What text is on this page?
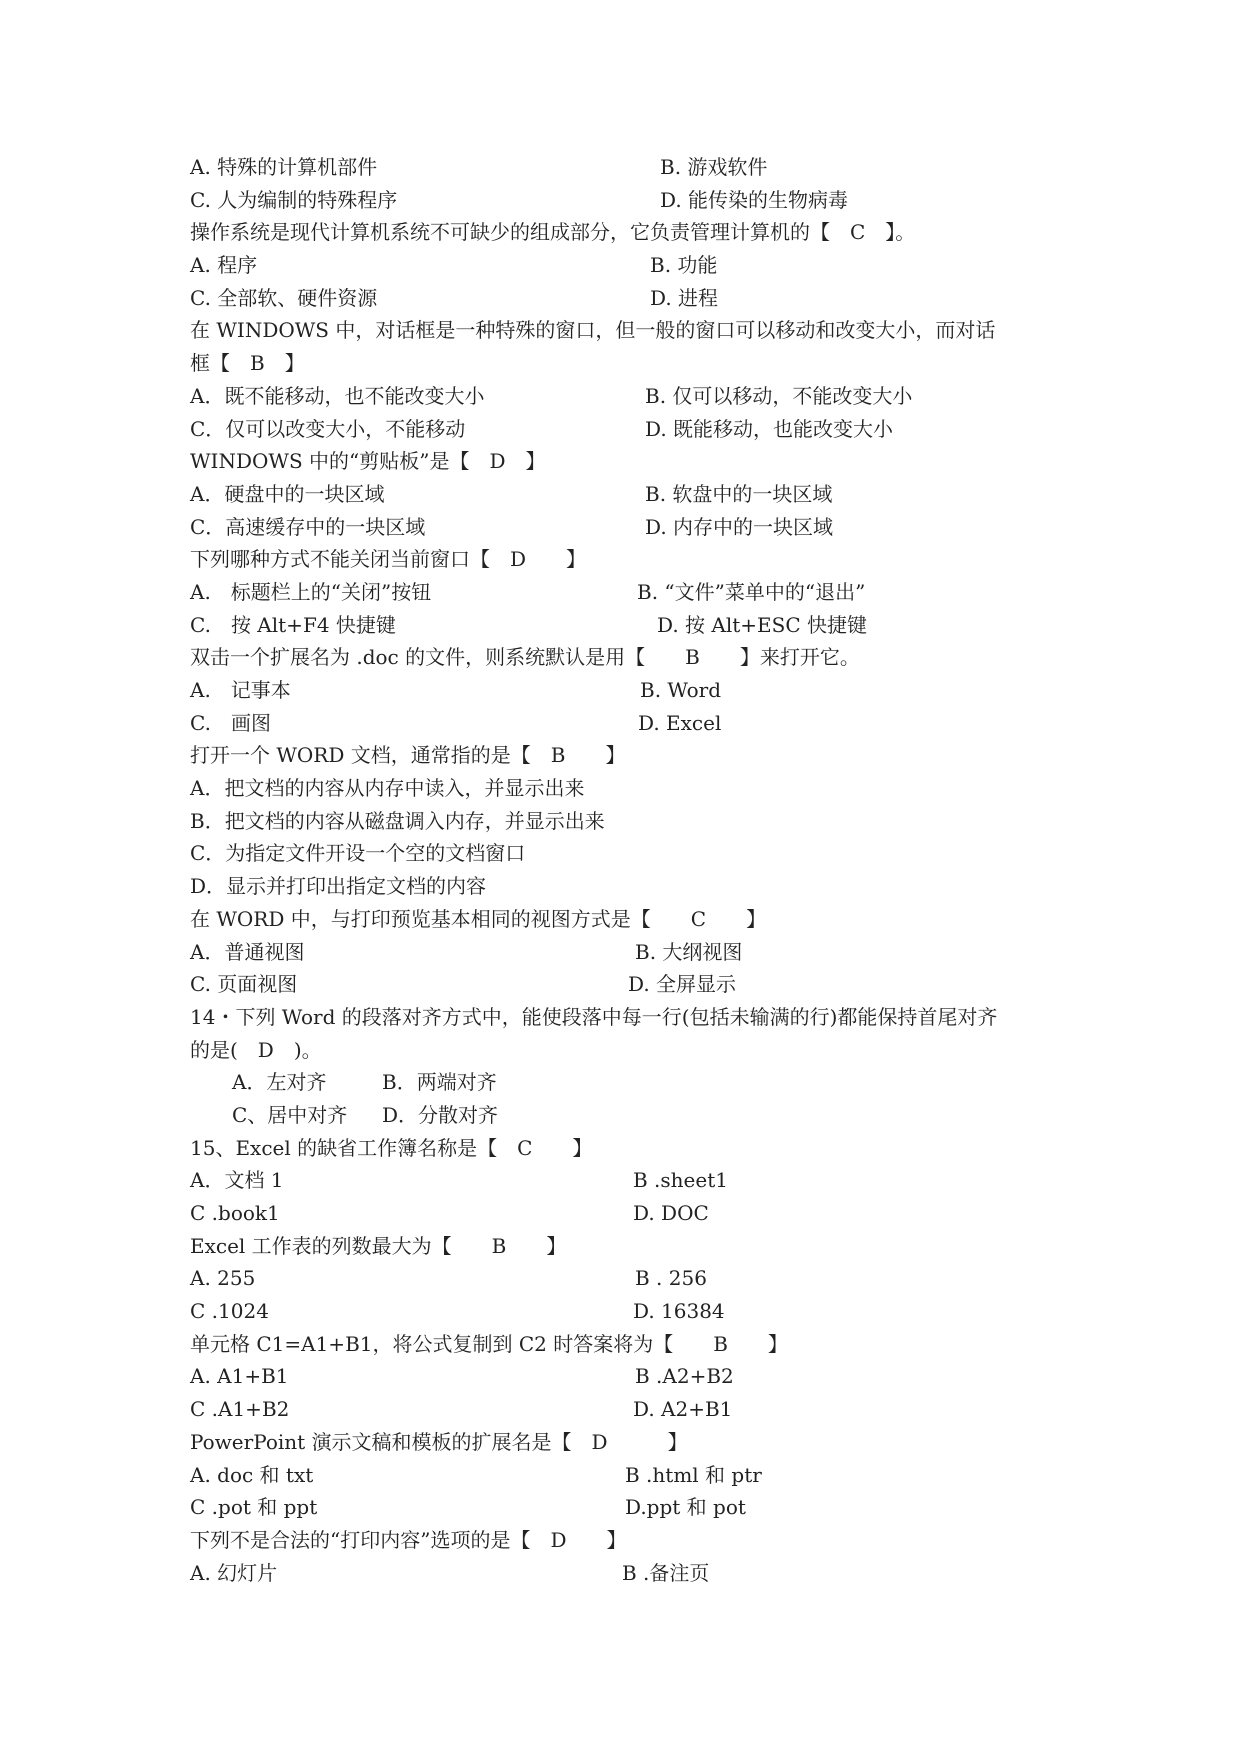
A. 特殊的计算机部件	B. 游戏软件
C. 人为编制的特殊程序	D. 能传染的生物病毒
操作系统是现代计算机系统不可缺少的组成部分，它负责管理计算机的【　C　】。
A. 程序	B. 功能
C. 全部软、硬件资源	D. 进程
在 WINDOWS 中，对话框是一种特殊的窗口，但一般的窗口可以移动和改变大小，而对话
框【　B　】
A．既不能移动，也不能改变大小	B. 仅可以移动，不能改变大小
C．仅可以改变大小，不能移动	D. 既能移动，也能改变大小
WINDOWS 中的“剪贴板”是【　D　】
A．硬盘中的一块区域	B. 软盘中的一块区域
C．高速缓存中的一块区域	D. 内存中的一块区域
下列哪种方式不能关闭当前窗口【　D　　】
A.　标题栏上的“关闭”按钮	B. “文件”菜单中的“退出”
C.　按 Alt+F4 快捷键	D. 按 Alt+ESC 快捷键
双击一个扩展名为 .doc 的文件，则系统默认是用【　　B　　】来打开它。
A.　记事本	B. Word
C.　画图	D. Excel
打开一个 WORD 文档，通常指的是【　B　　】
A．把文档的内容从内存中读入，并显示出来
B．把文档的内容从磁盘调入内存，并显示出来
C．为指定文件开设一个空的文档窗口
D．显示并打印出指定文档的内容
在 WORD 中，与打印预览基本相同的视图方式是【　　C　　】
A．普通视图	B. 大纲视图
C. 页面视图	D. 全屏显示
14・下列 Word 的段落对齐方式中，能使段落中每一行(包括未输满的行)都能保持首尾对齐
的是(　D　)。
A．左对齐	B．两端对齐
C、居中对齐	D．分散对齐
15、Excel 的缺省工作簿名称是【　C　　】
A．文档 1	B .sheet1
C .book1	D. DOC
Excel 工作表的列数最大为【　　B　　】
A. 255	B . 256
C .1024	D. 16384
单元格 C1=A1+B1，将公式复制到 C2 时答案将为【　　B　　】
A. A1+B1	B .A2+B2
C .A1+B2	D. A2+B1
PowerPoint 演示文稿和模板的扩展名是【　D　　　】
A. doc 和 txt	B .html 和 ptr
C .pot 和 ppt	D.ppt 和 pot
下列不是合法的“打印内容”选项的是【　D　　】
A. 幻灯片	B .备注页
